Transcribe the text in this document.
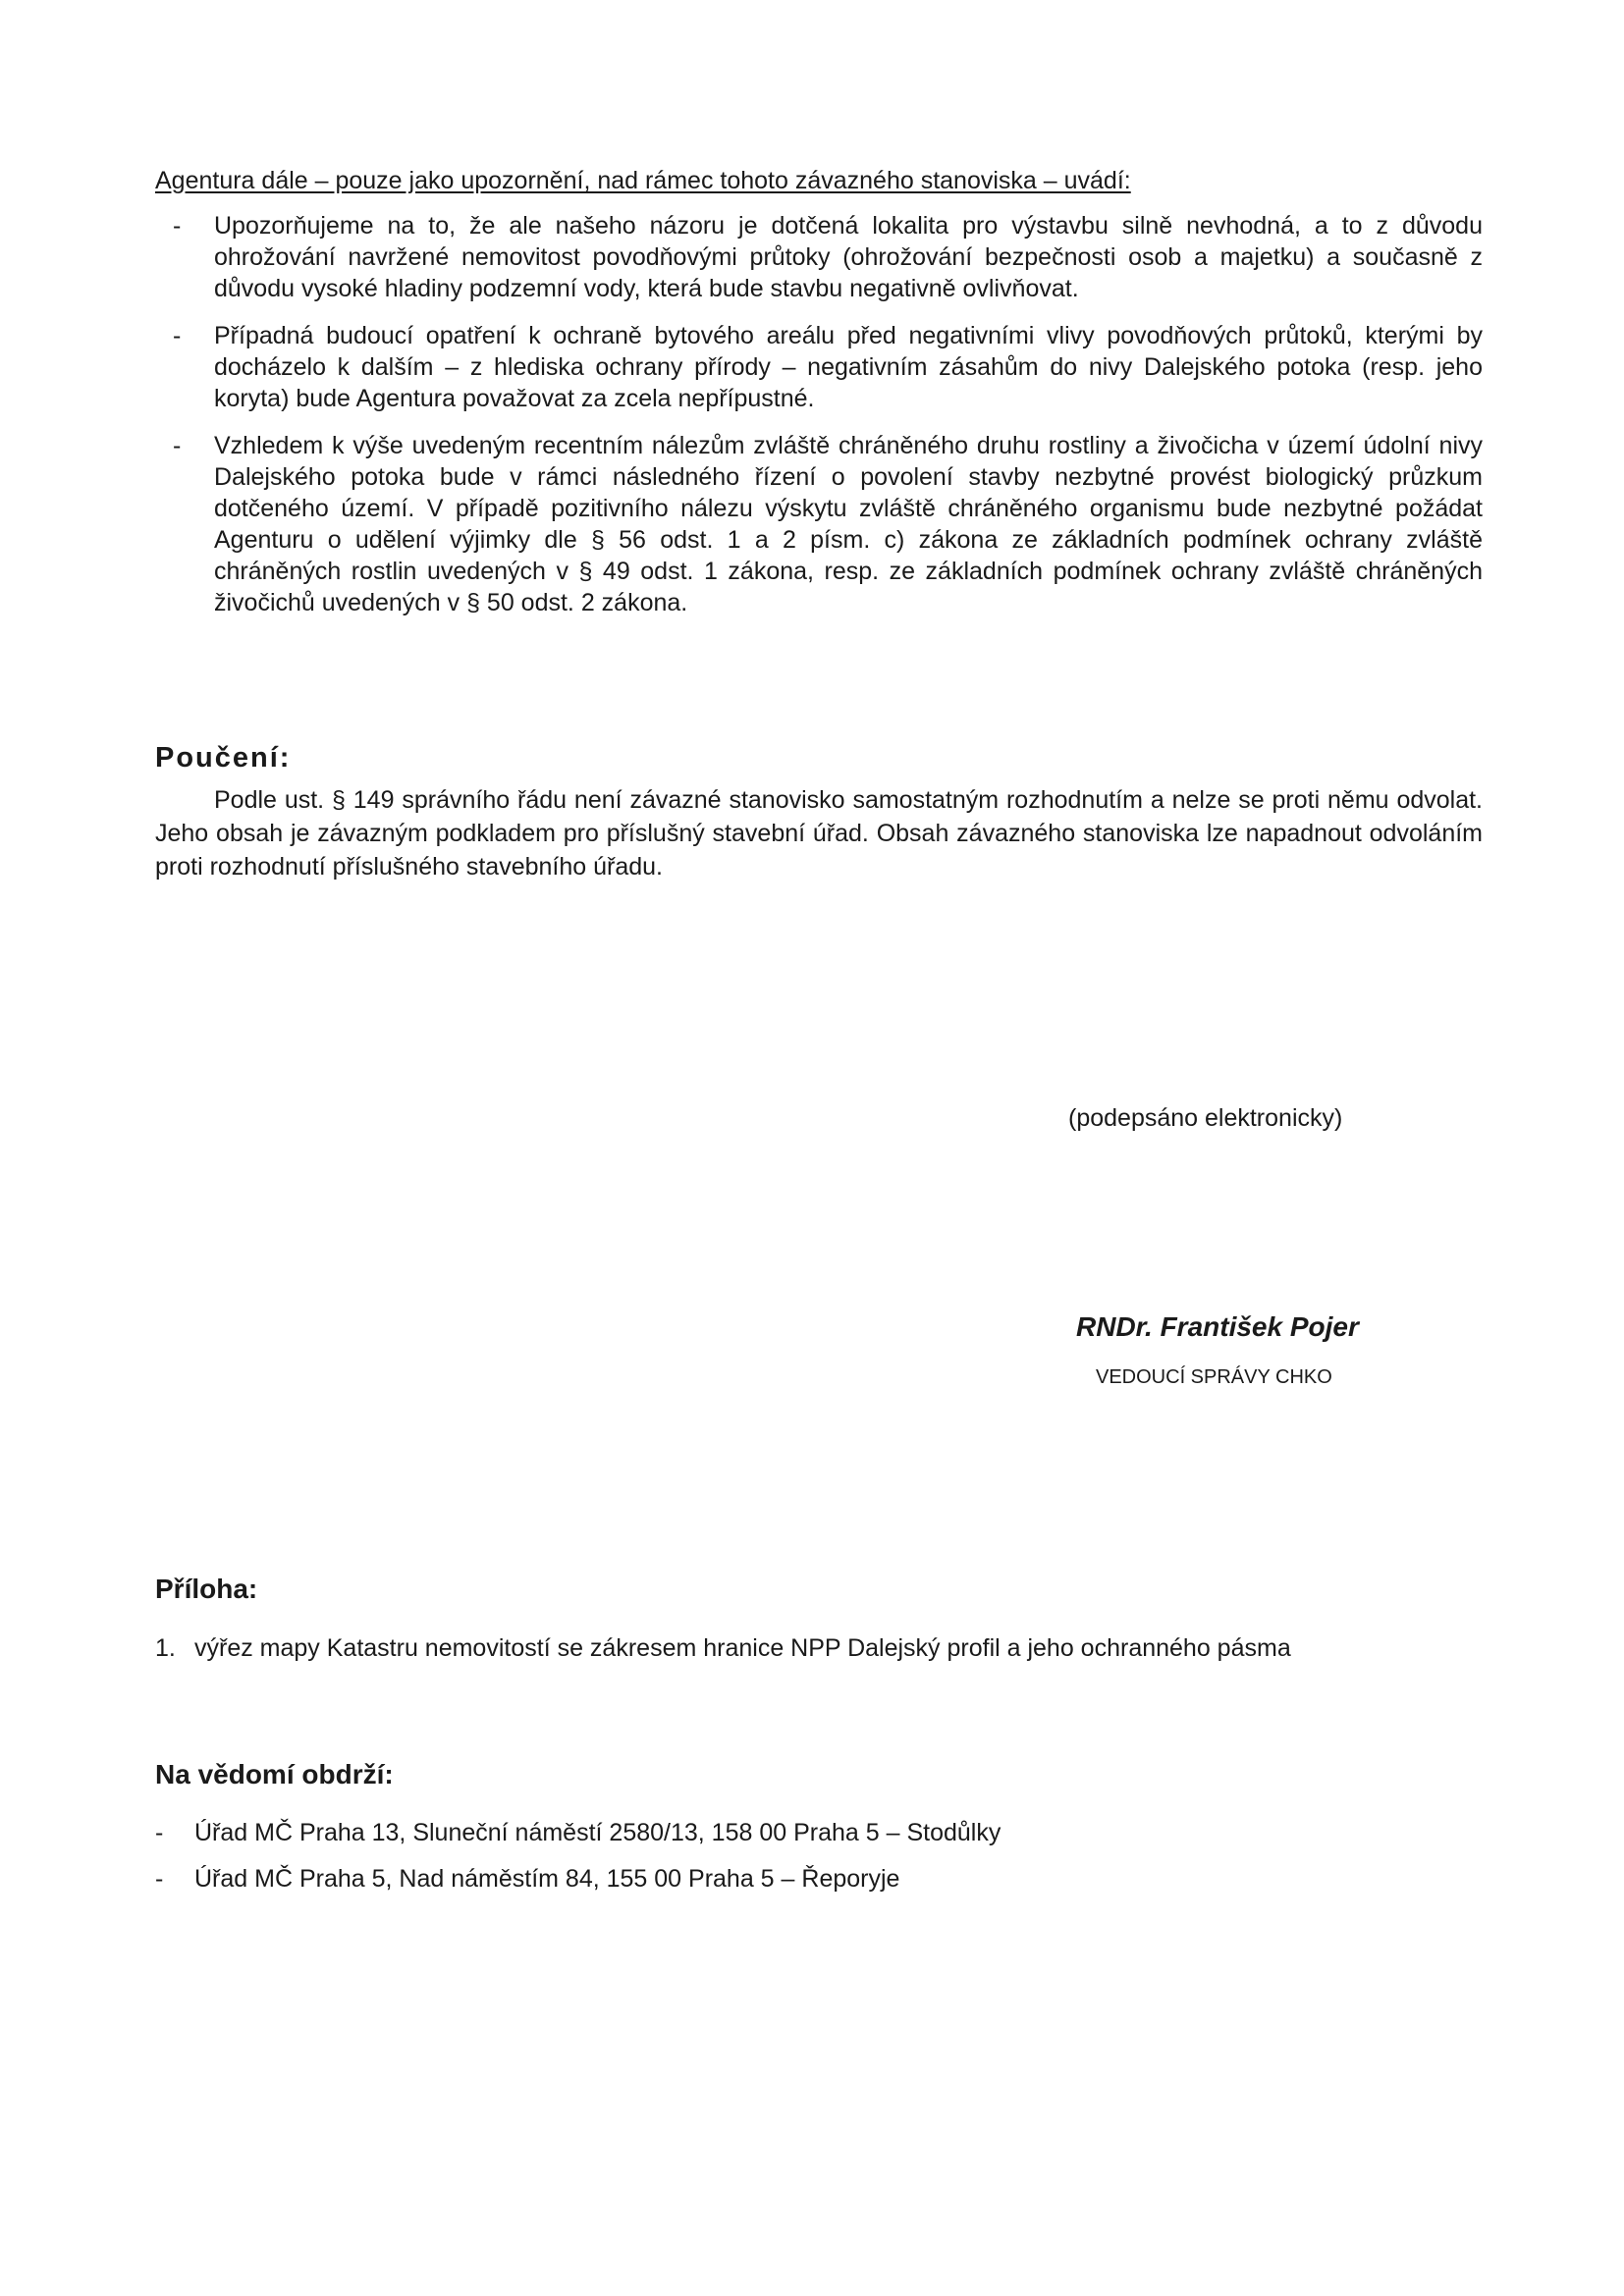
Agentura dále – pouze jako upozornění, nad rámec tohoto závazného stanoviska – uvádí:
- Upozorňujeme na to, že ale našeho názoru je dotčená lokalita pro výstavbu silně nevhodná, a to z důvodu ohrožování navržené nemovitost povodňovými průtoky (ohrožování bezpečnosti osob a majetku) a současně z důvodu vysoké hladiny podzemní vody, která bude stavbu negativně ovlivňovat.
- Případná budoucí opatření k ochraně bytového areálu před negativními vlivy povodňových průtoků, kterými by docházelo k dalším – z hlediska ochrany přírody – negativním zásahům do nivy Dalejského potoka (resp. jeho koryta) bude Agentura považovat za zcela nepřípustné.
- Vzhledem k výše uvedeným recentním nálezům zvláště chráněného druhu rostliny a živočicha v území údolní nivy Dalejského potoka bude v rámci následného řízení o povolení stavby nezbytné provést biologický průzkum dotčeného území. V případě pozitivního nálezu výskytu zvláště chráněného organismu bude nezbytné požádat Agenturu o udělení výjimky dle § 56 odst. 1 a 2 písm. c) zákona ze základních podmínek ochrany zvláště chráněných rostlin uvedených v § 49 odst. 1 zákona, resp. ze základních podmínek ochrany zvláště chráněných živočichů uvedených v § 50 odst. 2 zákona.
Poučení:

Podle ust. § 149 správního řádu není závazné stanovisko samostatným rozhodnutím a nelze se proti němu odvolat. Jeho obsah je závazným podkladem pro příslušný stavební úřad. Obsah závazného stanoviska lze napadnout odvoláním proti rozhodnutí příslušného stavebního úřadu.

(podepsáno elektronicky)
RNDr. František Pojer
VEDOUCÍ SPRÁVY CHKO
Příloha:
1. výřez mapy Katastru nemovitostí se zákresem hranice NPP Dalejský profil a jeho ochranného pásma
Na vědomí obdrží:
- Úřad MČ Praha 13, Sluneční náměstí 2580/13, 158 00 Praha 5 – Stodůlky
- Úřad MČ Praha 5, Nad náměstím 84, 155 00 Praha 5 – Řeporyje
